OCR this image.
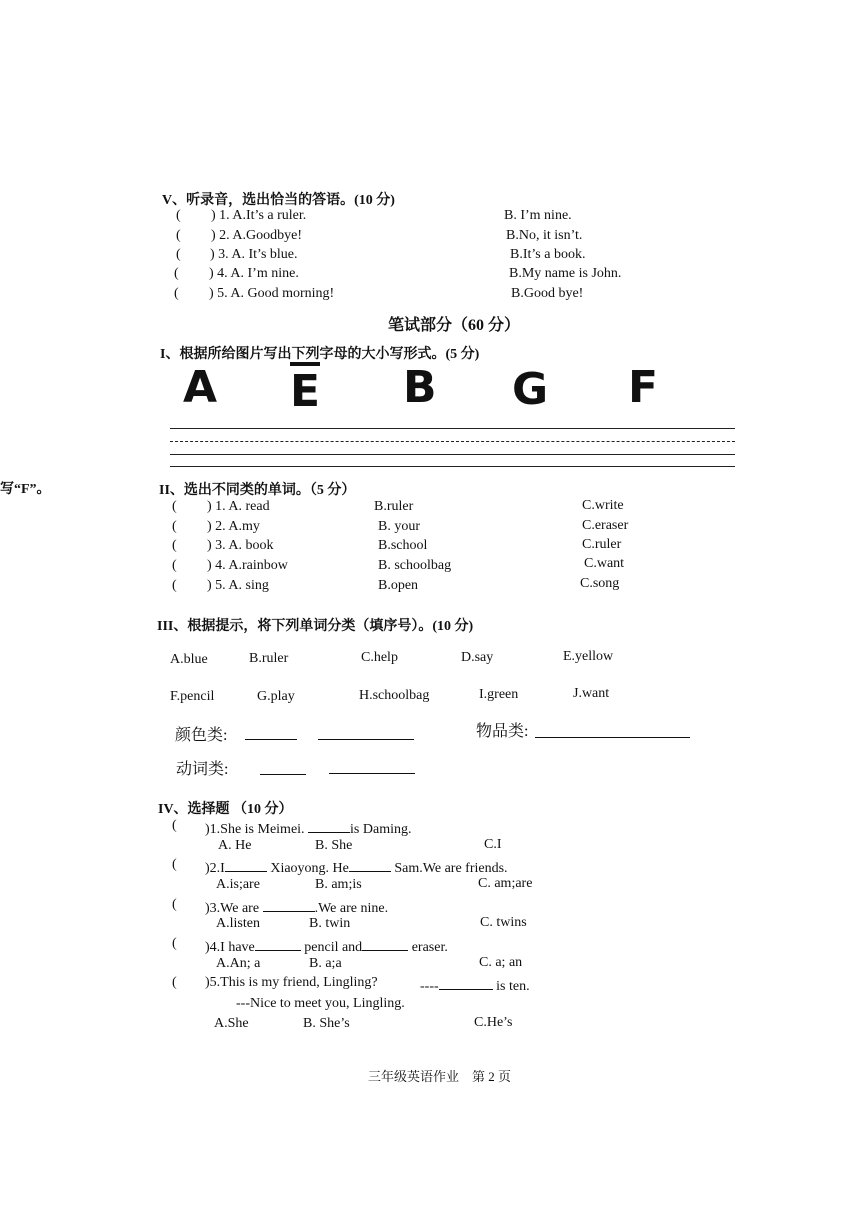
写“F”。
V、听录音，选出恰当的答语。(10 分)
( ) 1. A.It’s a ruler.	B. I’m nine.
( ) 2. A.Goodbye!	B.No, it isn’t.
( ) 3. A. It’s blue.	B.It’s a book.
( ) 4. A. I’m nine.	B.My name is John.
( ) 5. A. Good morning!	B.Good bye!
笔试部分（60 分）
I、根据所给图片写出下列字母的大小写形式。(5 分)
A E B G F
II、选出不同类的单词。（5 分）
( ) 1. A. read	B.ruler	C.write
( ) 2. A.my	B. your	C.eraser
( ) 3. A. book	B.school	C.ruler
( ) 4. A.rainbow	B. schoolbag	C.want
( ) 5. A. sing	B.open	C.song
III、根据提示，将下列单词分类（填序号）。(10 分)
A.blue	B.ruler	C.help	D.say	E.yellow
F.pencil	G.play	H.schoolbag	I.green	J.want
颜色类:	物品类:
动词类:
IV、选择题 （10 分）
( )1.She is Meimei.	is Daming.
A. He	B. She	C.I
( )2.I	Xiaoyong. He	Sam.We are friends.
A.is;are	B. am;is	C. am;are
( )3.We are	.We are nine.
A.listen	B. twin	C. twins
( )4.I have	pencil and	eraser.
A.An; a	B. a;a	C. a; an
( )5.This is my friend, Lingling?	----	is ten.
---Nice to meet you, Lingling.
A.She	B. She’s	C.He’s
三年级英语作业　第 2 页
